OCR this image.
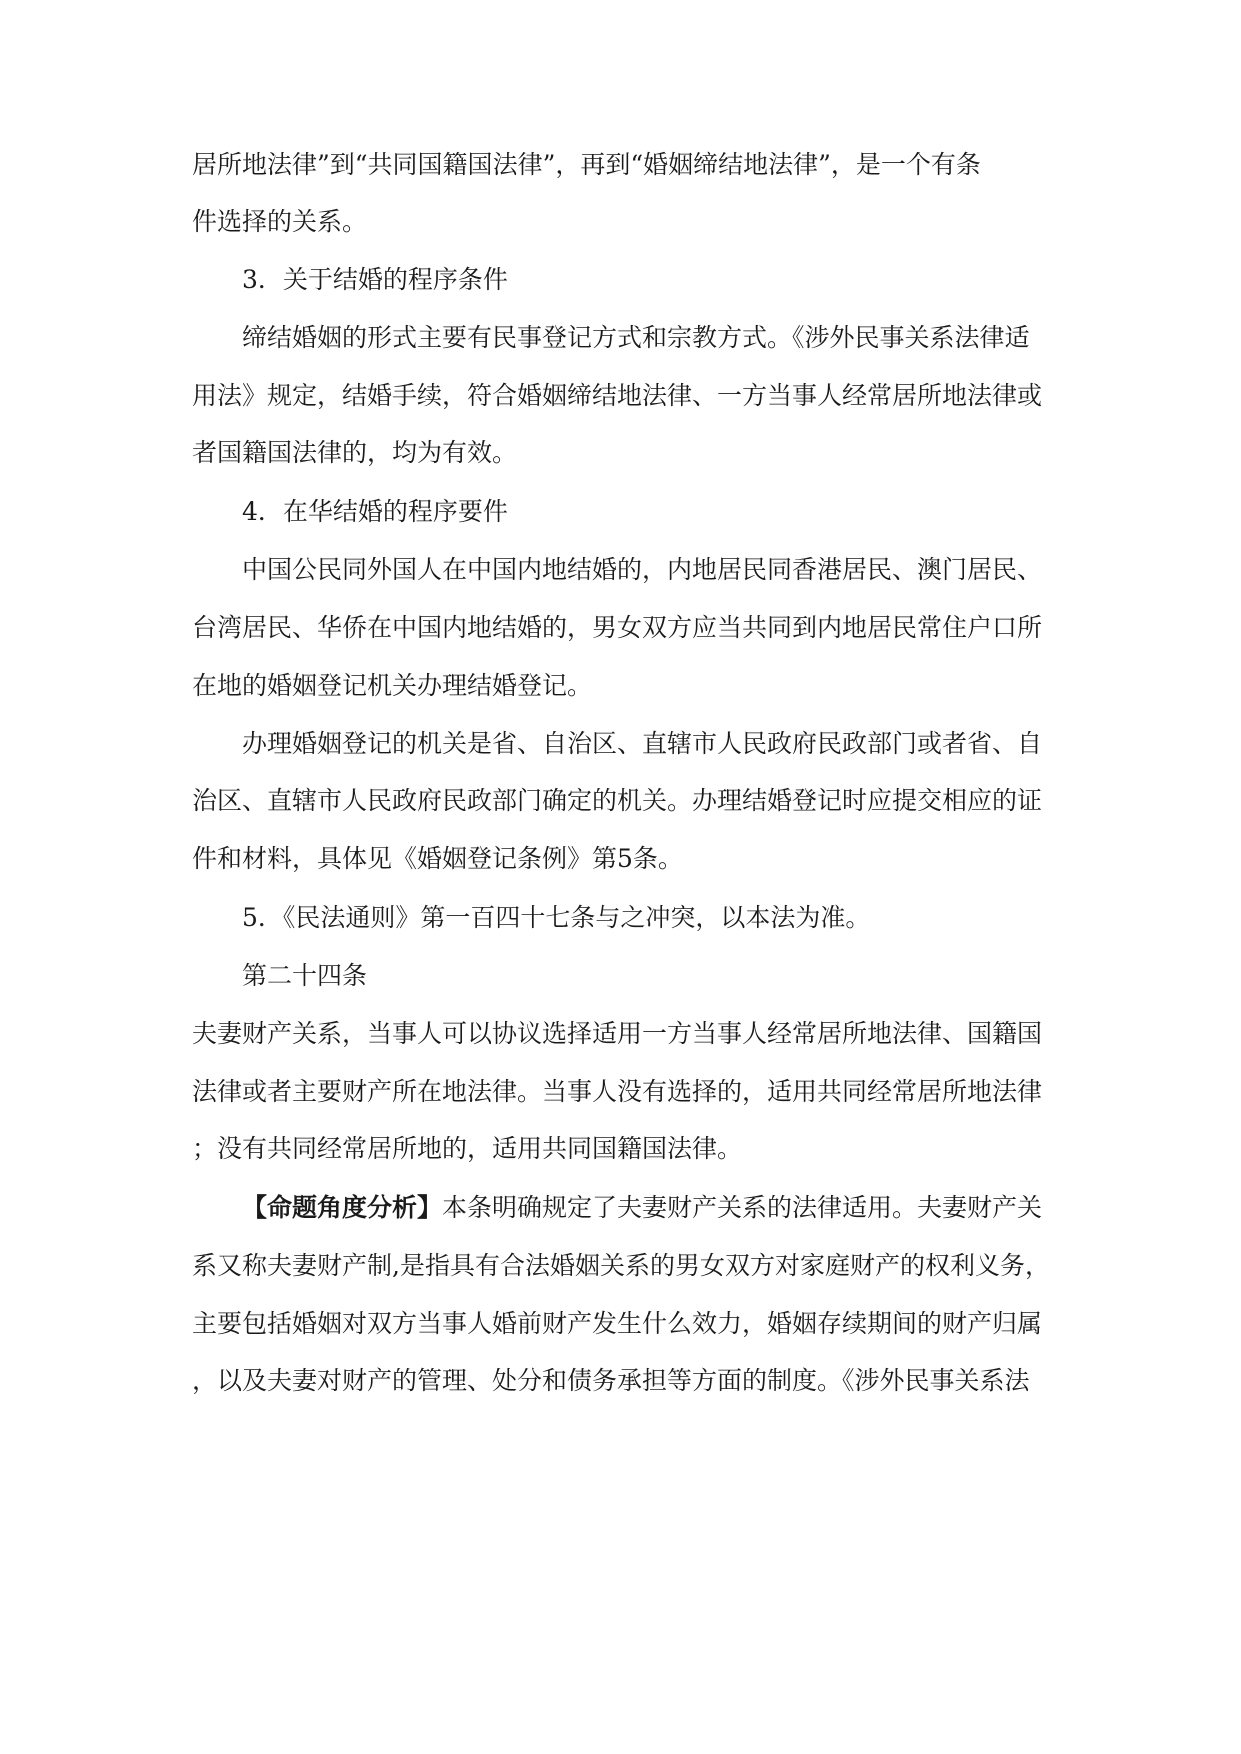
居所地法律”到“共同国籍国法律”，再到“婚姻缔结地法律”，是一个有条
件选择的关系。
3．关于结婚的程序条件
缔结婚姻的形式主要有民事登记方式和宗教方式。《涉外民事关系法律适
用法》规定，结婚手续，符合婚姻缔结地法律、一方当事人经常居所地法律或
者国籍国法律的，均为有效。
4．在华结婚的程序要件
中国公民同外国人在中国内地结婚的，内地居民同香港居民、澳门居民、
台湾居民、华侨在中国内地结婚的，男女双方应当共同到内地居民常住户口所
在地的婚姻登记机关办理结婚登记。
办理婚姻登记的机关是省、自治区、直辖市人民政府民政部门或者省、自
治区、直辖市人民政府民政部门确定的机关。办理结婚登记时应提交相应的证
件和材料，具体见《婚姻登记条例》第5条。
5．《民法通则》第一百四十七条与之冲突，以本法为准。
第二十四条
夫妻财产关系，当事人可以协议选择适用一方当事人经常居所地法律、国籍国
法律或者主要财产所在地法律。当事人没有选择的，适用共同经常居所地法律
；没有共同经常居所地的，适用共同国籍国法律。
【命题角度分析】本条明确规定了夫妻财产关系的法律适用。夫妻财产关
系又称夫妻财产制,是指具有合法婚姻关系的男女双方对家庭财产的权利义务，
主要包括婚姻对双方当事人婚前财产发生什么效力，婚姻存续期间的财产归属
，以及夫妻对财产的管理、处分和债务承担等方面的制度。《涉外民事关系法
